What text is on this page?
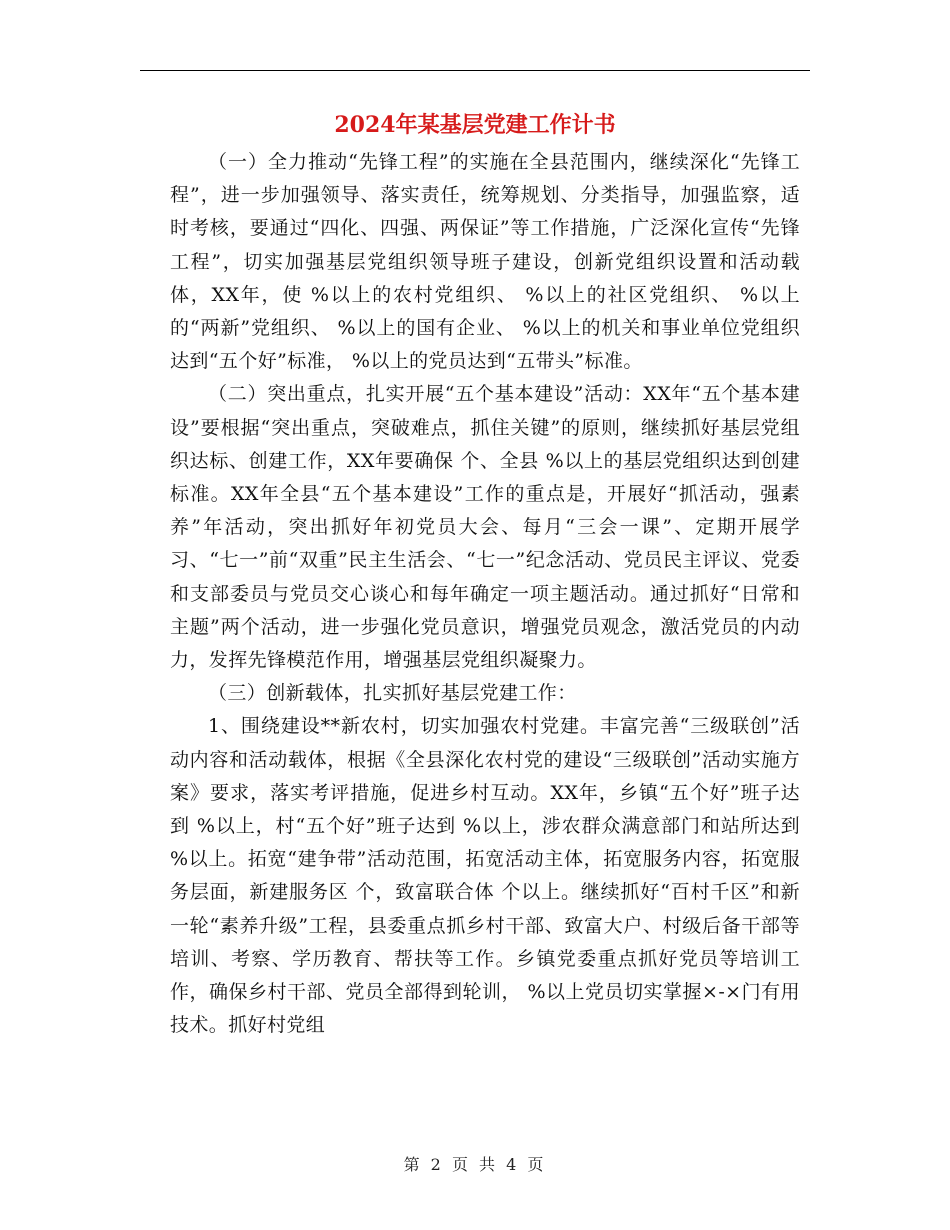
2024年某基层党建工作计书

（一）全力推动“先锋工程”的实施在全县范围内，继续深化“先锋工程”，进一步加强领导、落实责任，统筹规划、分类指导，加强监察，适时考核，要通过“四化、四强、两保证”等工作措施，广泛深化宣传“先锋工程”，切实加强基层党组织领导班子建设，创新党组织设置和活动载体，XX年，使 %以上的农村党组织、 %以上的社区党组织、 %以上的“两新”党组织、 %以上的国有企业、 %以上的机关和事业单位党组织达到“五个好”标准， %以上的党员达到“五带头”标准。

（二）突出重点，扎实开展“五个基本建设”活动：XX年“五个基本建设”要根据“突出重点，突破难点，抓住关键”的原则，继续抓好基层党组织达标、创建工作，XX年要确保 个、全县 %以上的基层党组织达到创建标准。XX年全县“五个基本建设”工作的重点是，开展好“抓活动，强素养”年活动，突出抓好年初党员大会、每月“三会一课”、定期开展学习、“七一”前“双重”民主生活会、“七一”纪念活动、党员民主评议、党委和支部委员与党员交心谈心和每年确定一项主题活动。通过抓好“日常和主题”两个活动，进一步强化党员意识，增强党员观念，激活党员的内动力，发挥先锋模范作用，增强基层党组织凝聚力。

（三）创新载体，扎实抓好基层党建工作：

1、围绕建设**新农村，切实加强农村党建。丰富完善“三级联创”活动内容和活动载体，根据《全县深化农村党的建设“三级联创”活动实施方案》要求，落实考评措施，促进乡村互动。XX年，乡镇“五个好”班子达到 %以上，村“五个好”班子达到 %以上，涉农群众满意部门和站所达到 %以上。拓宽“建争带”活动范围，拓宽活动主体，拓宽服务内容，拓宽服务层面，新建服务区 个，致富联合体 个以上。继续抓好“百村千区”和新一轮“素养升级”工程，县委重点抓乡村干部、致富大户、村级后备干部等培训、考察、学历教育、帮扶等工作。乡镇党委重点抓好党员等培训工作，确保乡村干部、党员全部得到轮训， %以上党员切实掌握×-×门有用技术。抓好村党组

第 2 页 共 4 页
